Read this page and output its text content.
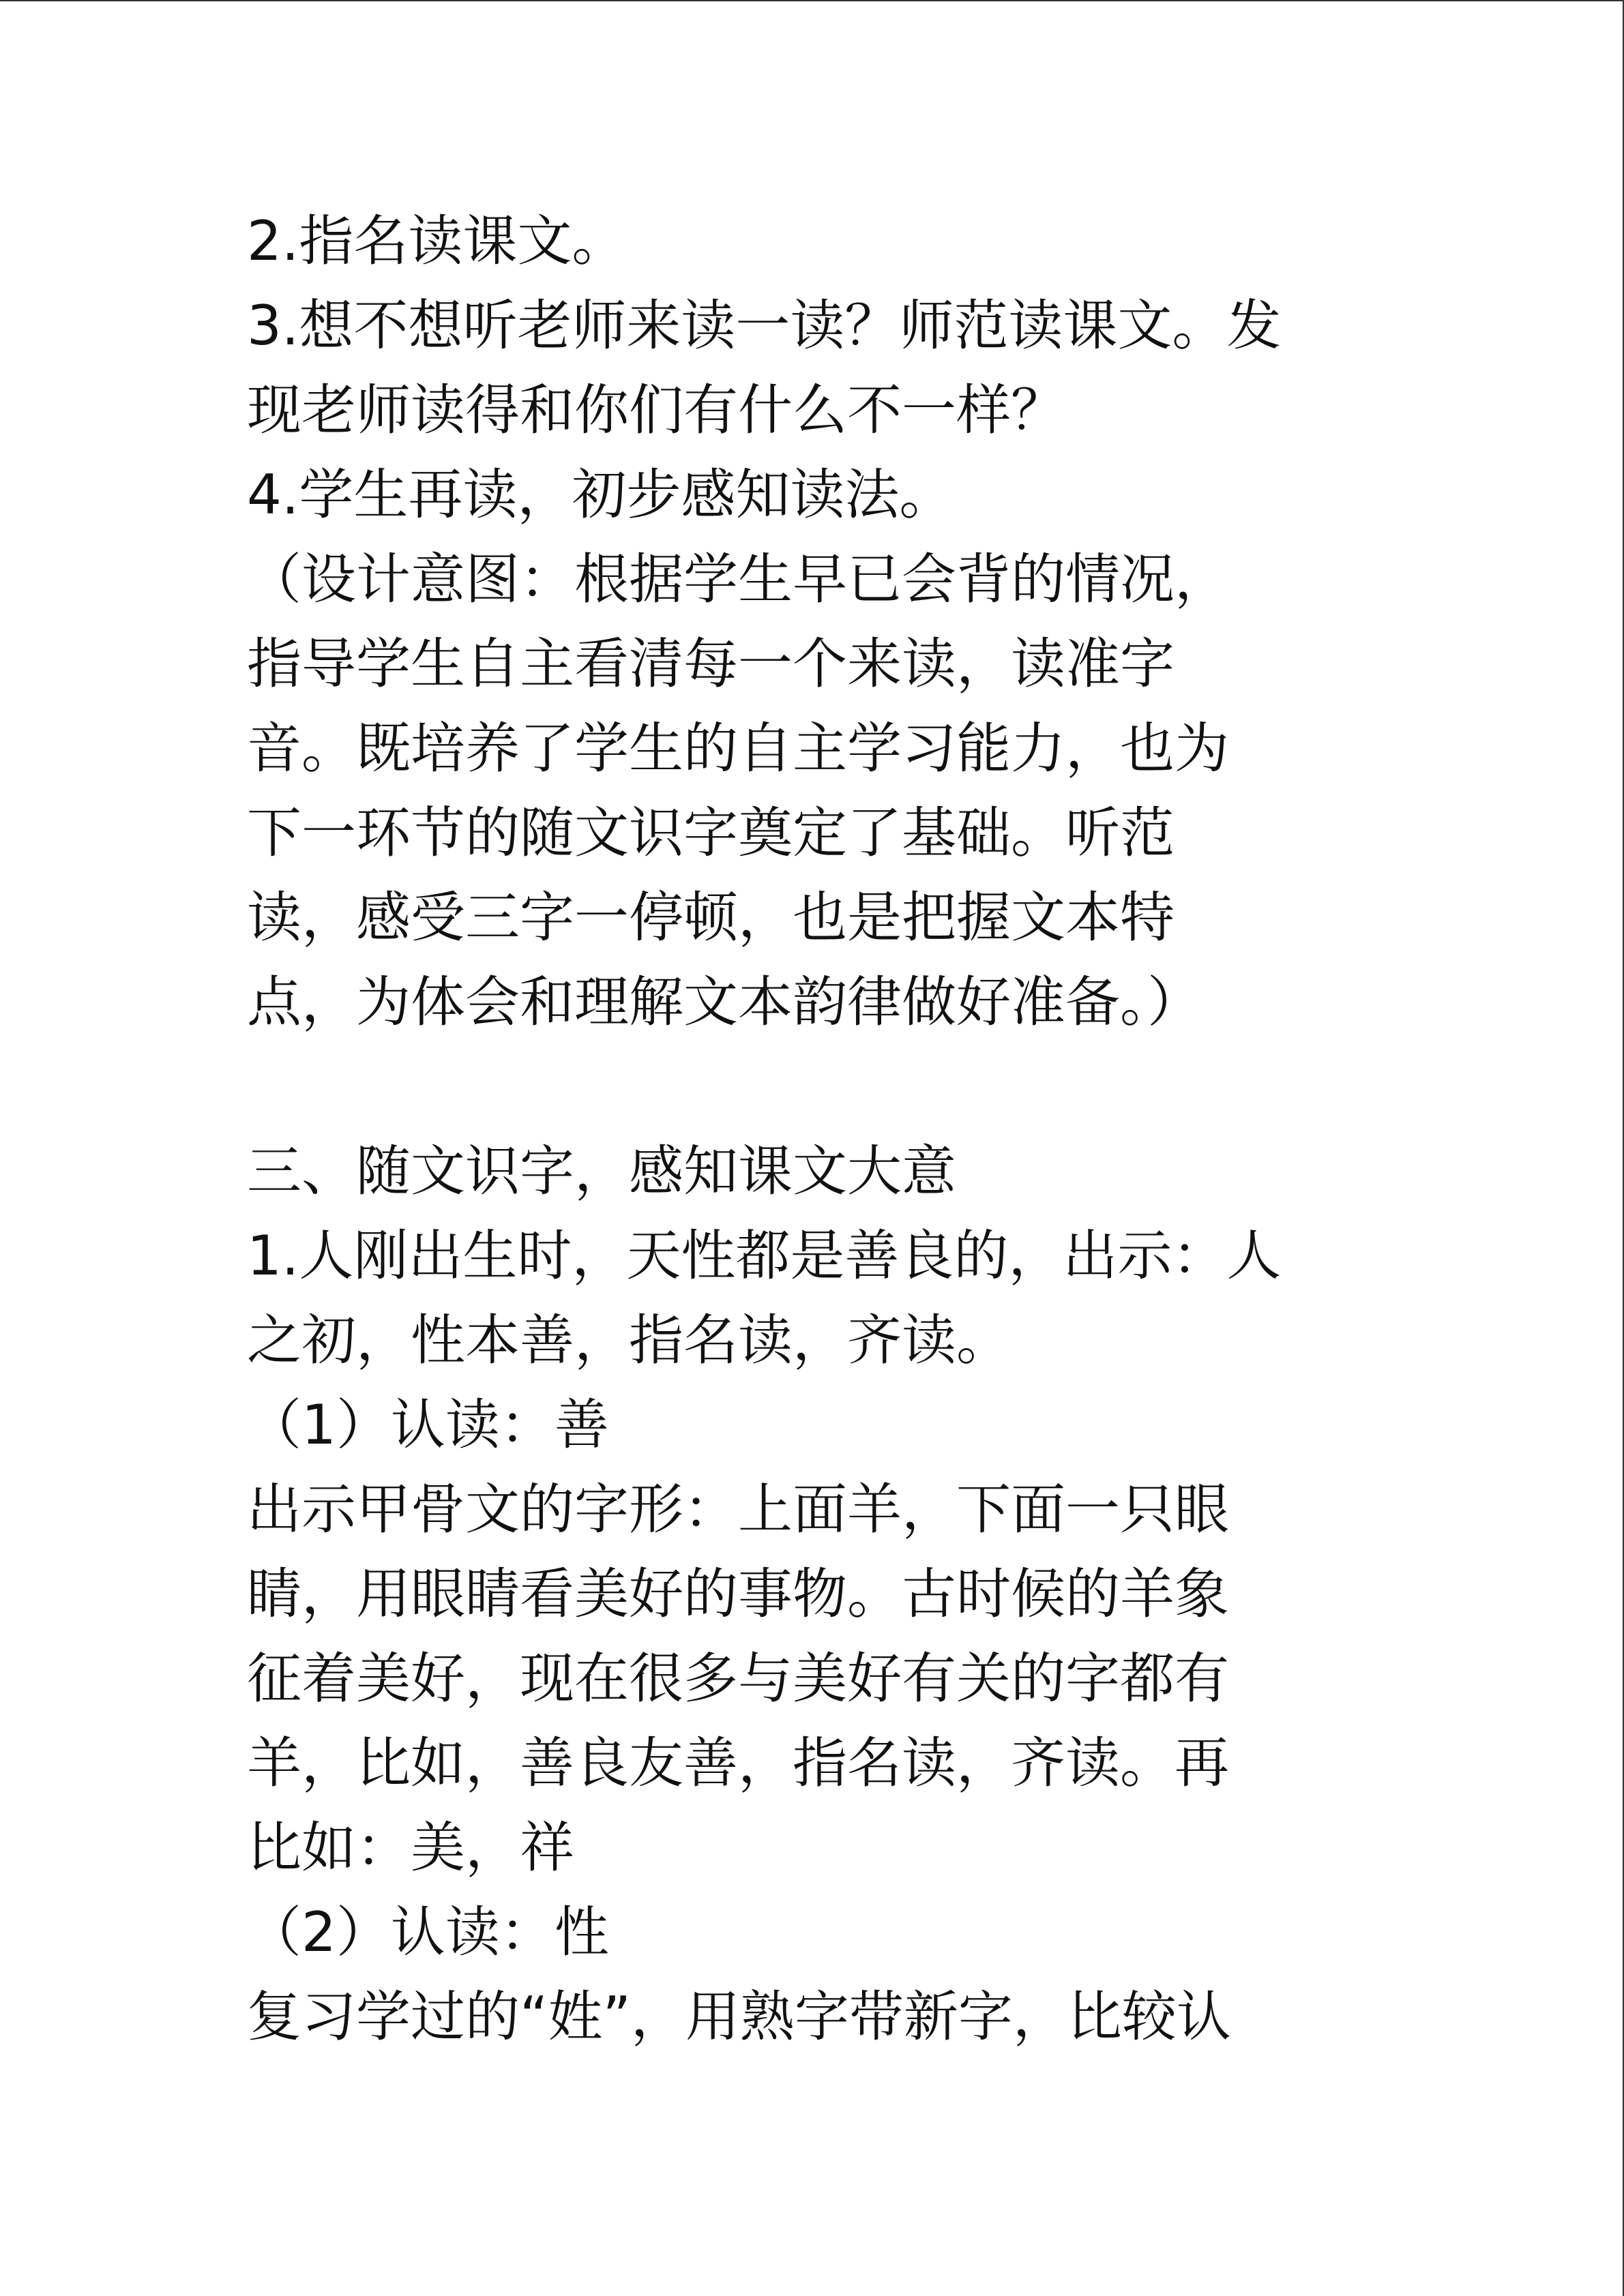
2.指名读课文。
3.想不想听老师来读一读？师范读课文。发
现老师读得和你们有什么不一样？
4.学生再读，初步感知读法。
（设计意图：根据学生早已会背的情况，
指导学生自主看清每一个来读，读准字
音。既培养了学生的自主学习能力，也为
下一环节的随文识字奠定了基础。听范
读，感受三字一停顿，也是把握文本特
点，为体会和理解文本韵律做好准备。）
三、随文识字，感知课文大意
1.人刚出生时，天性都是善良的，出示：人
之初，性本善，指名读，齐读。
（1）认读：善
出示甲骨文的字形：上面羊，下面一只眼
睛，用眼睛看美好的事物。古时候的羊象
征着美好，现在很多与美好有关的字都有
羊，比如，善良友善，指名读，齐读。再
比如：美，祥
（2）认读：性
复习学过的“姓”，用熟字带新字，比较认
